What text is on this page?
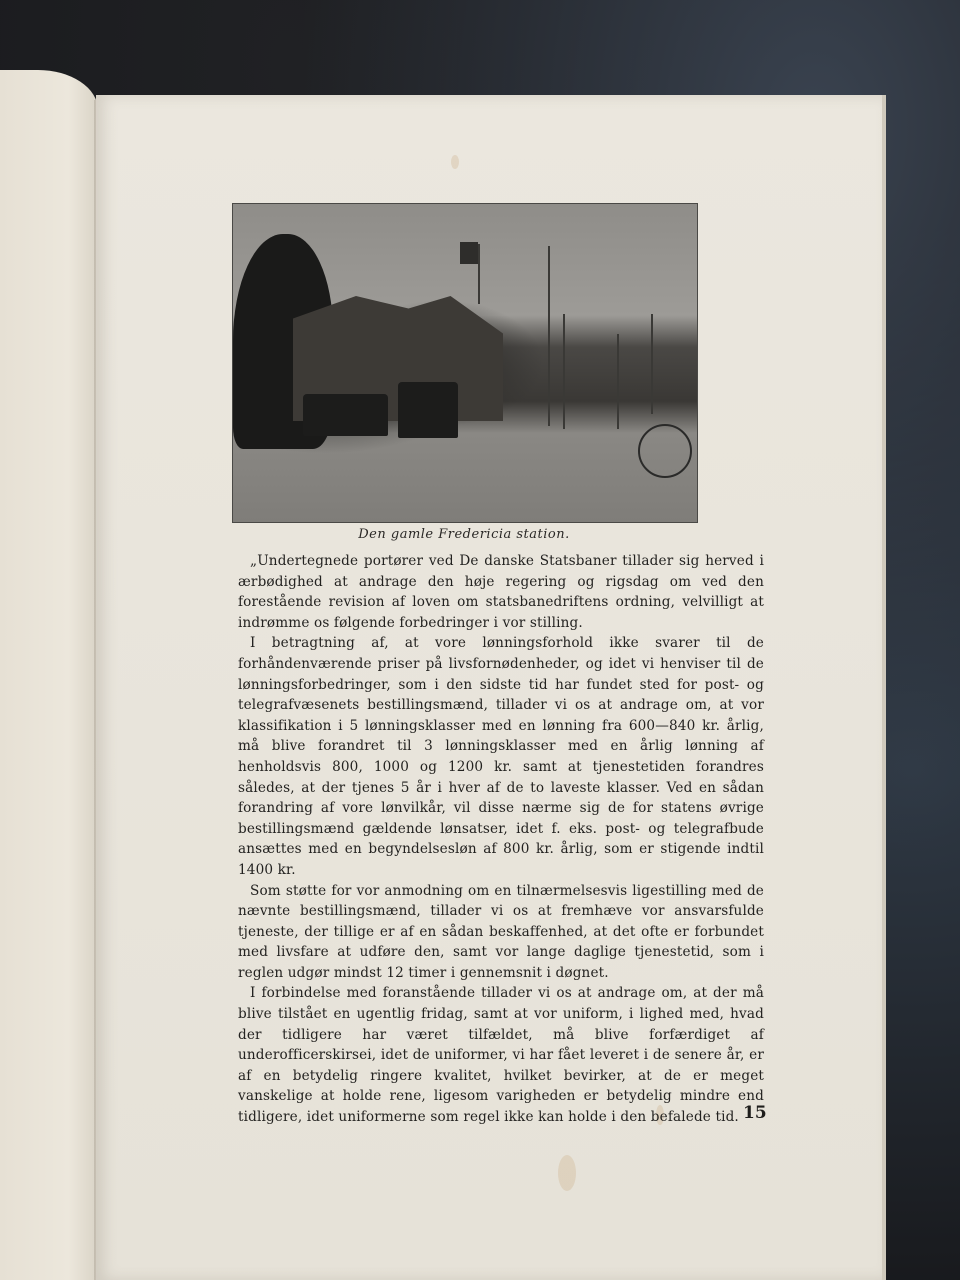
Den gamle Fredericia station.

„Undertegnede portører ved De danske Statsbaner tillader sig herved i ærbødighed at andrage den høje regering og rigsdag om ved den forestående revision af loven om statsbanedriftens ordning, velvilligt at indrømme os følgende forbedringer i vor stilling.

I betragtning af, at vore lønningsforhold ikke svarer til de forhåndenværende priser på livsfornødenheder, og idet vi henviser til de lønningsforbedringer, som i den sidste tid har fundet sted for post- og telegrafvæsenets bestillingsmænd, tillader vi os at andrage om, at vor klassifikation i 5 lønningsklasser med en lønning fra 600—840 kr. årlig, må blive forandret til 3 lønningsklasser med en årlig lønning af henholdsvis 800, 1000 og 1200 kr. samt at tjenestetiden forandres således, at der tjenes 5 år i hver af de to laveste klasser. Ved en sådan forandring af vore lønvilkår, vil disse nærme sig de for statens øvrige bestillingsmænd gældende lønsatser, idet f. eks. post- og telegrafbude ansættes med en begyndelsesløn af 800 kr. årlig, som er stigende indtil 1400 kr.

Som støtte for vor anmodning om en tilnærmelsesvis ligestilling med de nævnte bestillingsmænd, tillader vi os at fremhæve vor ansvarsfulde tjeneste, der tillige er af en sådan beskaffenhed, at det ofte er forbundet med livsfare at udføre den, samt vor lange daglige tjenestetid, som i reglen udgør mindst 12 timer i gennemsnit i døgnet.

I forbindelse med foranstående tillader vi os at andrage om, at der må blive tilstået en ugentlig fridag, samt at vor uniform, i lighed med, hvad der tidligere har været tilfældet, må blive forfærdiget af underofficerskirsei, idet de uniformer, vi har fået leveret i de senere år, er af en betydelig ringere kvalitet, hvilket bevirker, at de er meget vanskelige at holde rene, ligesom varigheden er betydelig mindre end tidligere, idet uniformerne som regel ikke kan holde i den befalede tid. 15
